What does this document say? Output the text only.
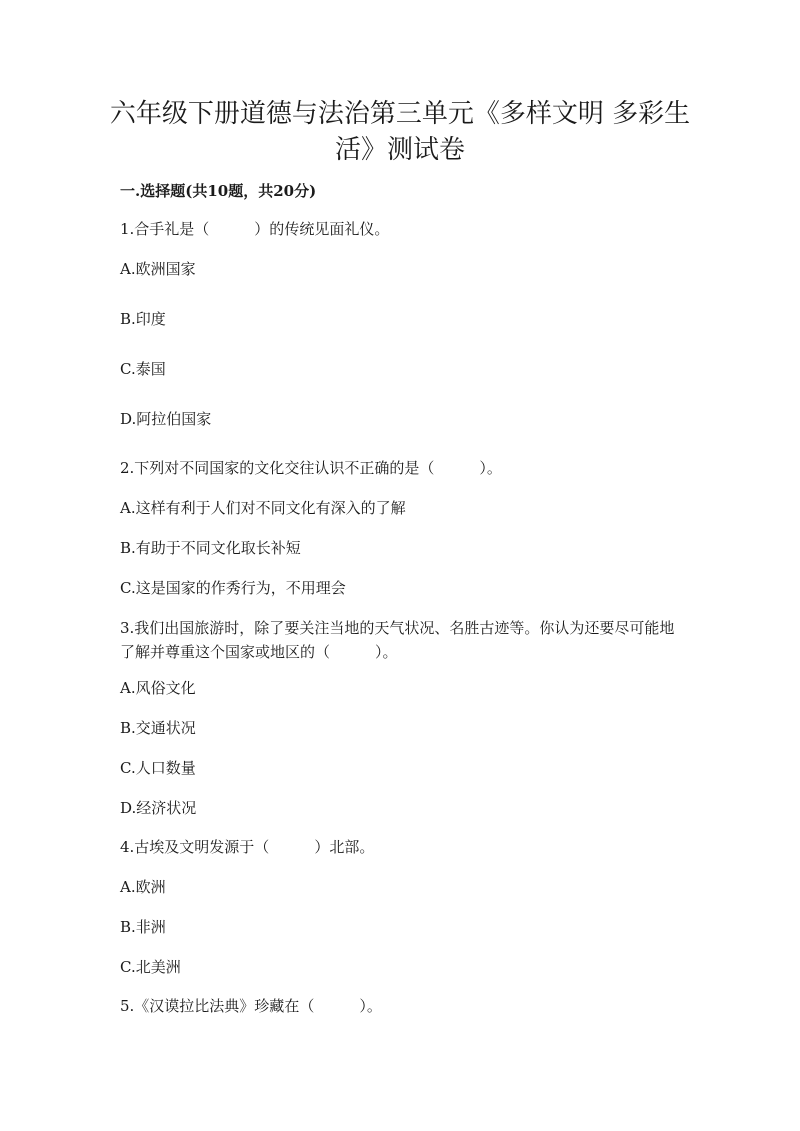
六年级下册道德与法治第三单元《多样文明 多彩生活》测试卷

一.选择题(共10题，共20分)

1.合手礼是（　　　）的传统见面礼仪。

A.欧洲国家

B.印度

C.泰国

D.阿拉伯国家

2.下列对不同国家的文化交往认识不正确的是（　　　）。

A.这样有利于人们对不同文化有深入的了解

B.有助于不同文化取长补短

C.这是国家的作秀行为，不用理会

3.我们出国旅游时，除了要关注当地的天气状况、名胜古迹等。你认为还要尽可能地了解并尊重这个国家或地区的（　　　）。

A.风俗文化

B.交通状况

C.人口数量

D.经济状况

4.古埃及文明发源于（　　　）北部。

A.欧洲

B.非洲

C.北美洲

5.《汉谟拉比法典》珍藏在（　　　）。
